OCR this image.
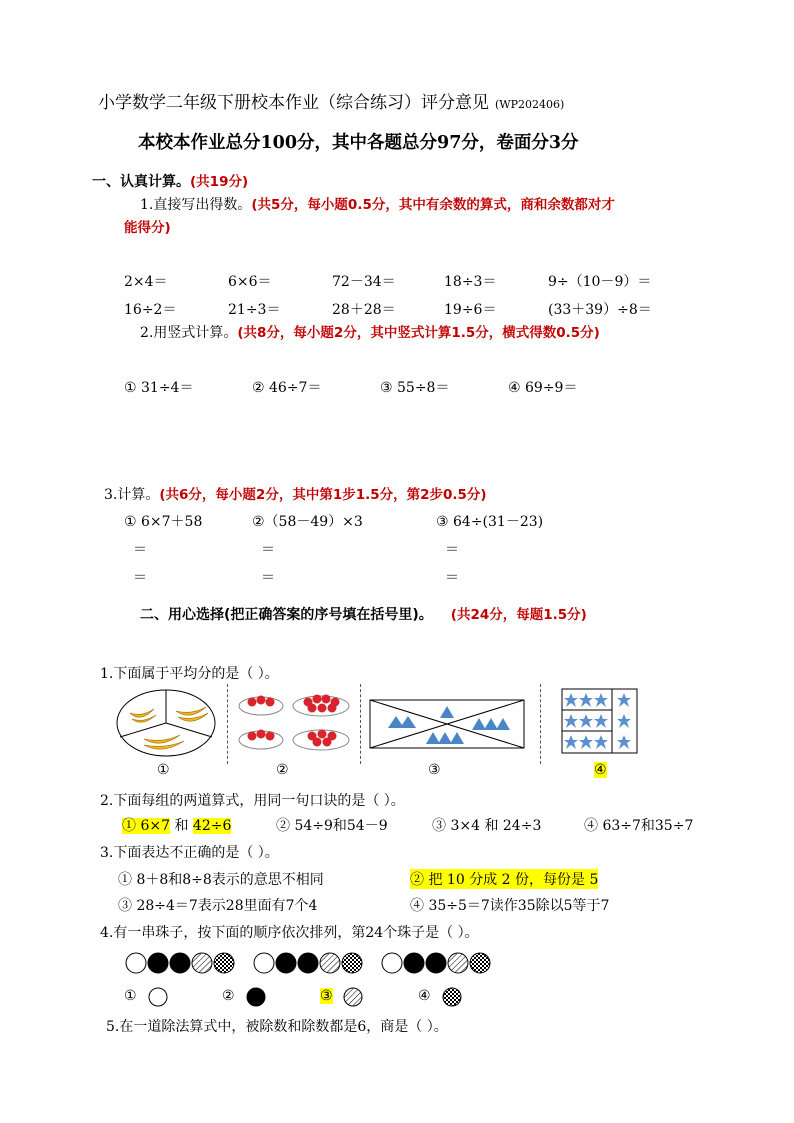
小学数学二年级下册校本作业（综合练习）评分意见 (WP202406)
本校本作业总分100分，其中各题总分97分，卷面分3分
一、认真计算。(共19分)
1.直接写出得数。(共5分，每小题0.5分，其中有余数的算式，商和余数都对才
能得分)
2×4＝	6×6＝	72－34＝	18÷3＝	9÷（10－9）＝
16÷2＝	21÷3＝	28＋28＝	19÷6＝	(33＋39）÷8＝
2.用竖式计算。(共8分，每小题2分，其中竖式计算1.5分，横式得数0.5分)
① 31÷4＝	② 46÷7＝	③ 55÷8＝	④ 69÷9＝
3.计算。(共6分，每小题2分，其中第1步1.5分，第2步0.5分)
① 6×7＋58	②（58－49）×3	③ 64÷(31－23)
＝	＝	＝
＝	＝	＝
二、用心选择(把正确答案的序号填在括号里)。 (共24分，每题1.5分)
1.下面属于平均分的是（ ）。
①	②	③	④
2.下面每组的两道算式，用同一句口诀的是（ ）。
① 6×7 和 42÷6	② 54÷9和54－9	③ 3×4 和 24÷3	④ 63÷7和35÷7
3.下面表达不正确的是（ ）。
① 8＋8和8÷8表示的意思不相同	② 把 10 分成 2 份，每份是 5
③ 28÷4＝7表示28里面有7个4	④ 35÷5＝7读作35除以5等于7
4.有一串珠子，按下面的顺序依次排列，第24个珠子是（ ）。
①	②	③	④
5.在一道除法算式中，被除数和除数都是6，商是（ ）。
